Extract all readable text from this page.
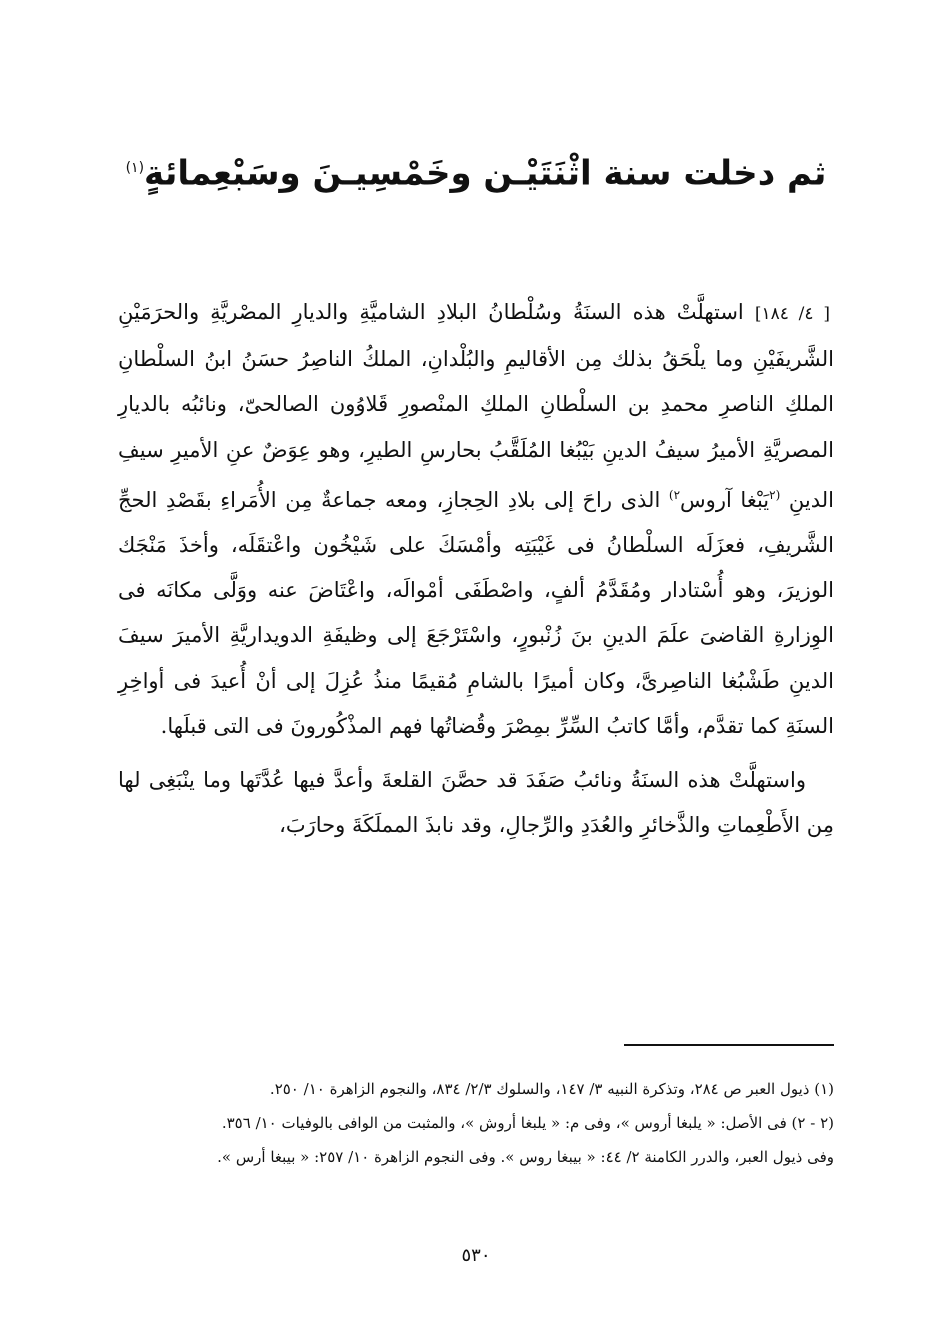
ثم دخلت سنة اثْنَتَيْـن وخَمْسِيـنَ وسَبْعِمائةٍ$^{(١)}$

[ ٤/ ١٨٤] استهلَّتْ هذه السنَةُ وسُلْطانُ البلادِ الشاميَّةِ والديارِ المصْريَّةِ والحرَمَيْنِ الشَّريفَيْنِ وما يلْحَقُ بذلك مِن الأقاليمِ والبُلْدانِ، الملكُ الناصِرُ حسَنُ ابنُ السلْطانِ الملكِ الناصرِ محمدِ بن السلْطانِ الملكِ المنْصورِ قَلاوُون الصالحىّ، ونائبُه بالديارِ المصريَّةِ الأميرُ سيفُ الدينِ بَيْبُغا المُلَقَّبُ بحارسِ الطيرِ، وهو عِوَضٌ عنِ الأميرِ سيفِ الدينِ $^{(٢}$يَبْغا آروس$^{٢)}$ الذى راحَ إلى بلادِ الحِجازِ، ومعه جماعةٌ مِن الأُمَراءِ بقَصْدِ الحجِّ الشَّريفِ، فعزَلَه السلْطانُ فى غَيْبَتِه وأمْسَكَ على شَيْخُون واعْتقَلَه، وأخذَ مَنْجَك الوزيرَ، وهو أُسْتادار ومُقَدَّمُ ألفٍ، واصْطَفَى أمْوالَه، واعْتَاضَ عنه ووَلَّى مكانَه فى الوِزارةِ القاضىَ علَمَ الدينِ بنَ زُنْبورٍ، واسْتَرْجَعَ إلى وظيفَةِ الدويداريَّةِ الأميرَ سيفَ الدينِ طَشْبُغا الناصِرىَّ، وكان أميرًا بالشامِ مُقيمًا منذُ عُزِلَ إلى أنْ أُعيدَ فى أواخِرِ السنَةِ كما تقدَّم، وأمَّا كاتبُ السِّرِّ بمِصْرَ وقُضاتُها فهم المذْكُورونَ فى التى قبلَها.

واستهلَّتْ هذه السنَةُ ونائبُ صَفَدَ قد حصَّنَ القلعةَ وأعدَّ فيها عُدَّتَها وما ينْبَغِى لها مِن الأَطْعِماتِ والذَّخائرِ والعُدَدِ والرِّجالِ، وقد نابذَ المملَكَةَ وحارَبَ،

(١) ذيول العبر ص ٢٨٤، وتذكرة النبيه ٣/ ١٤٧، والسلوك ٢/٣/ ٨٣٤، والنجوم الزاهرة ١٠/ ٢٥٠.
(٢ - ٢) فى الأصل: « يلبغا أروس »، وفى م: « يلبغا أروش »، والمثبت من الوافى بالوفيات ١٠/ ٣٥٦.
وفى ذيول العبر، والدرر الكامنة ٢/ ٤٤: « بيبغا روس ». وفى النجوم الزاهرة ١٠/ ٢٥٧: « بيبغا أرس ».
٥٣٠
